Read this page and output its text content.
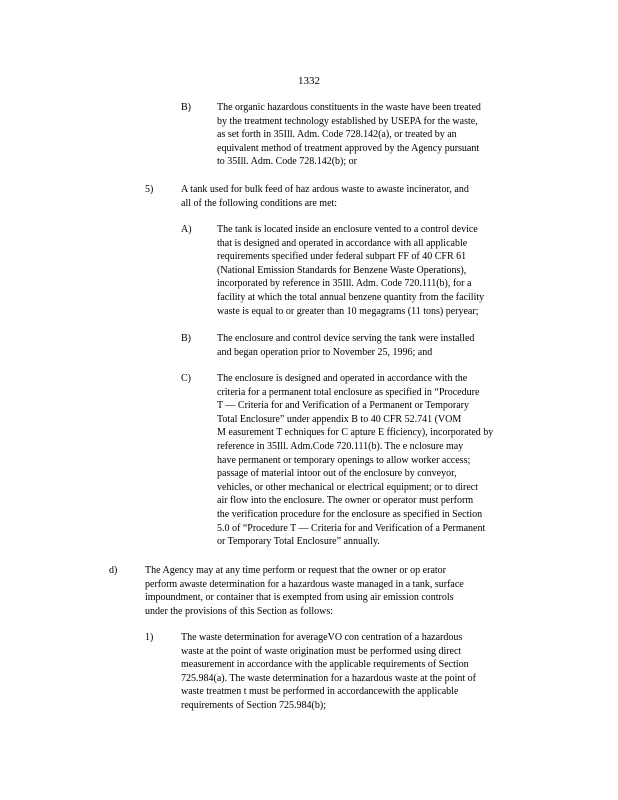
1332
B)	The organic hazardous constituents in the waste have been treated
by the treatment technology established by USEPA for the waste,
as set forth in 35Ill. Adm. Code 728.142(a), or treated by an
equivalent method of treatment approved by the Agency pursuant
to 35Ill. Adm. Code 728.142(b); or
5)	A tank used for bulk feed of haz ardous waste to awaste incinerator, and
all of the following conditions are met:
A)	The tank is located inside an enclosure vented to a control device
that is designed and operated in accordance with all applicable
requirements specified under federal subpart FF of 40 CFR 61
(National Emission Standards for Benzene Waste Operations),
incorporated by reference in 35Ill. Adm. Code 720.111(b), for a
facility at which the total annual benzene quantity from the facility
waste is equal to or greater than 10 megagrams (11 tons) peryear;
B)	The enclosure and control device serving the tank were installed
and began operation prior to November 25, 1996; and
C)	The enclosure is designed and operated in accordance with the
criteria for a permanent total enclosure as specified in “Procedure
T — Criteria for and Verification of a Permanent or Temporary
Total Enclosure” under appendix B to 40 CFR 52.741 (VOM
M easurement T echniques for C apture E fficiency), incorporated by
reference in 35Ill. Adm.Code 720.111(b). The e nclosure may
have permanent or temporary openings to allow worker access;
passage of material intoor out of the enclosure by conveyor,
vehicles, or other mechanical or electrical equipment; or to direct
air flow into the enclosure. The owner or operator must perform
the verification procedure for the enclosure as specified in Section
5.0 of “Procedure T — Criteria for and Verification of a Permanent
or Temporary Total Enclosure” annually.
d)	The Agency may at any time perform or request that the owner or op erator
perform awaste determination for a hazardous waste managed in a tank, surface
impoundment, or container that is exempted from using air emission controls
under the provisions of this Section as follows:
1)	The waste determination for averageVO con centration of a hazardous
waste at the point of waste origination must be performed using direct
measurement in accordance with the applicable requirements of Section
725.984(a). The waste determination for a hazardous waste at the point of
waste treatmen t must be performed in accordancewith the applicable
requirements of Section 725.984(b);
